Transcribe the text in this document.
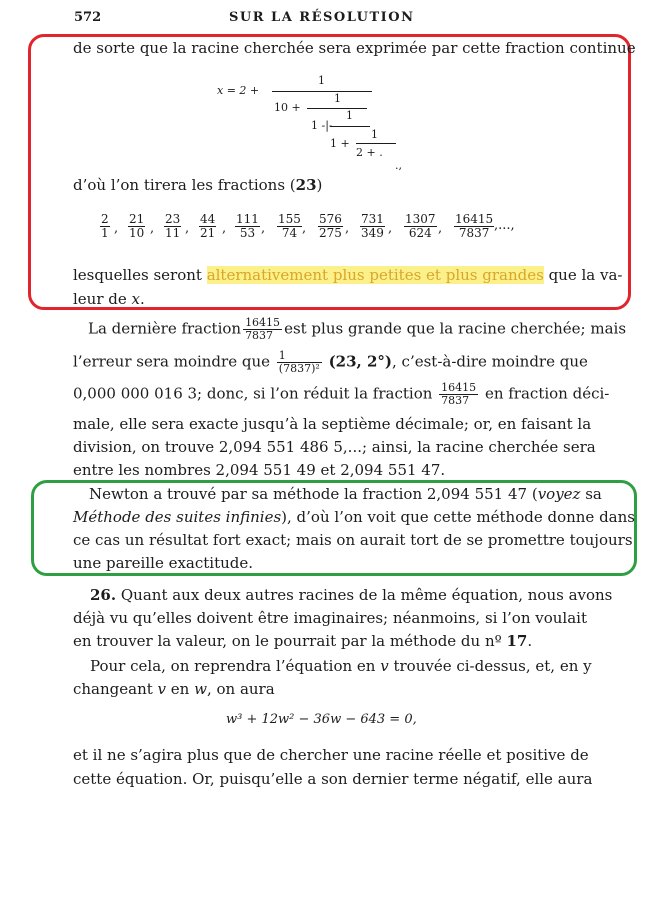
572	SUR LA RÉSOLUTION
de sorte que la racine cherchée sera exprimée par cette fraction continue
x = 2 +
1
10 +
1
1 -|-
1
1 +
1
2 + .
.,
d’où l’on tirera les fractions (23)
2
1 ,
21
10 ,
23
11 ,
44
21 ,
111
53 ,
155
74 ,
576
275 ,
731
349 ,
1307
624 ,
16415
7837 ,...,
lesquelles seront alternativement plus petites et plus grandes que la va-
leur de x.
La dernière fraction $\frac{16415}{7837}$ est plus grande que la racine cherchée; mais
l’erreur sera moindre que $\frac{1}{\text{(7837)²}} (23$, 2°), c’est-à-dire moindre que
0,000 000 016 3; donc, si l’on réduit la fraction $\frac{16415}{7837}$ en fraction déci-
male, elle sera exacte jusqu’à la septième décimale; or, en faisant la
division, on trouve 2,094 551 486 5,...; ainsi, la racine cherchée sera
entre les nombres 2,094 551 49 et 2,094 551 47.
Newton a trouvé par sa méthode la fraction 2,094 551 47 (voyez sa
Méthode des suites infinies), d’où l’on voit que cette méthode donne dans
ce cas un résultat fort exact; mais on aurait tort de se promettre toujours
une pareille exactitude.
26. Quant aux deux autres racines de la même équation, nous avons
déjà vu qu’elles doivent être imaginaires; néanmoins, si l’on voulait
en trouver la valeur, on le pourrait par la méthode du nº 17.
Pour cela, on reprendra l’équation en v trouvée ci-dessus, et, en y
changeant v en w, on aura
w³ + 12w² − 36w − 643 = 0,
et il ne s’agira plus que de chercher une racine réelle et positive de
cette équation. Or, puisqu’elle a son dernier terme négatif, elle aura
